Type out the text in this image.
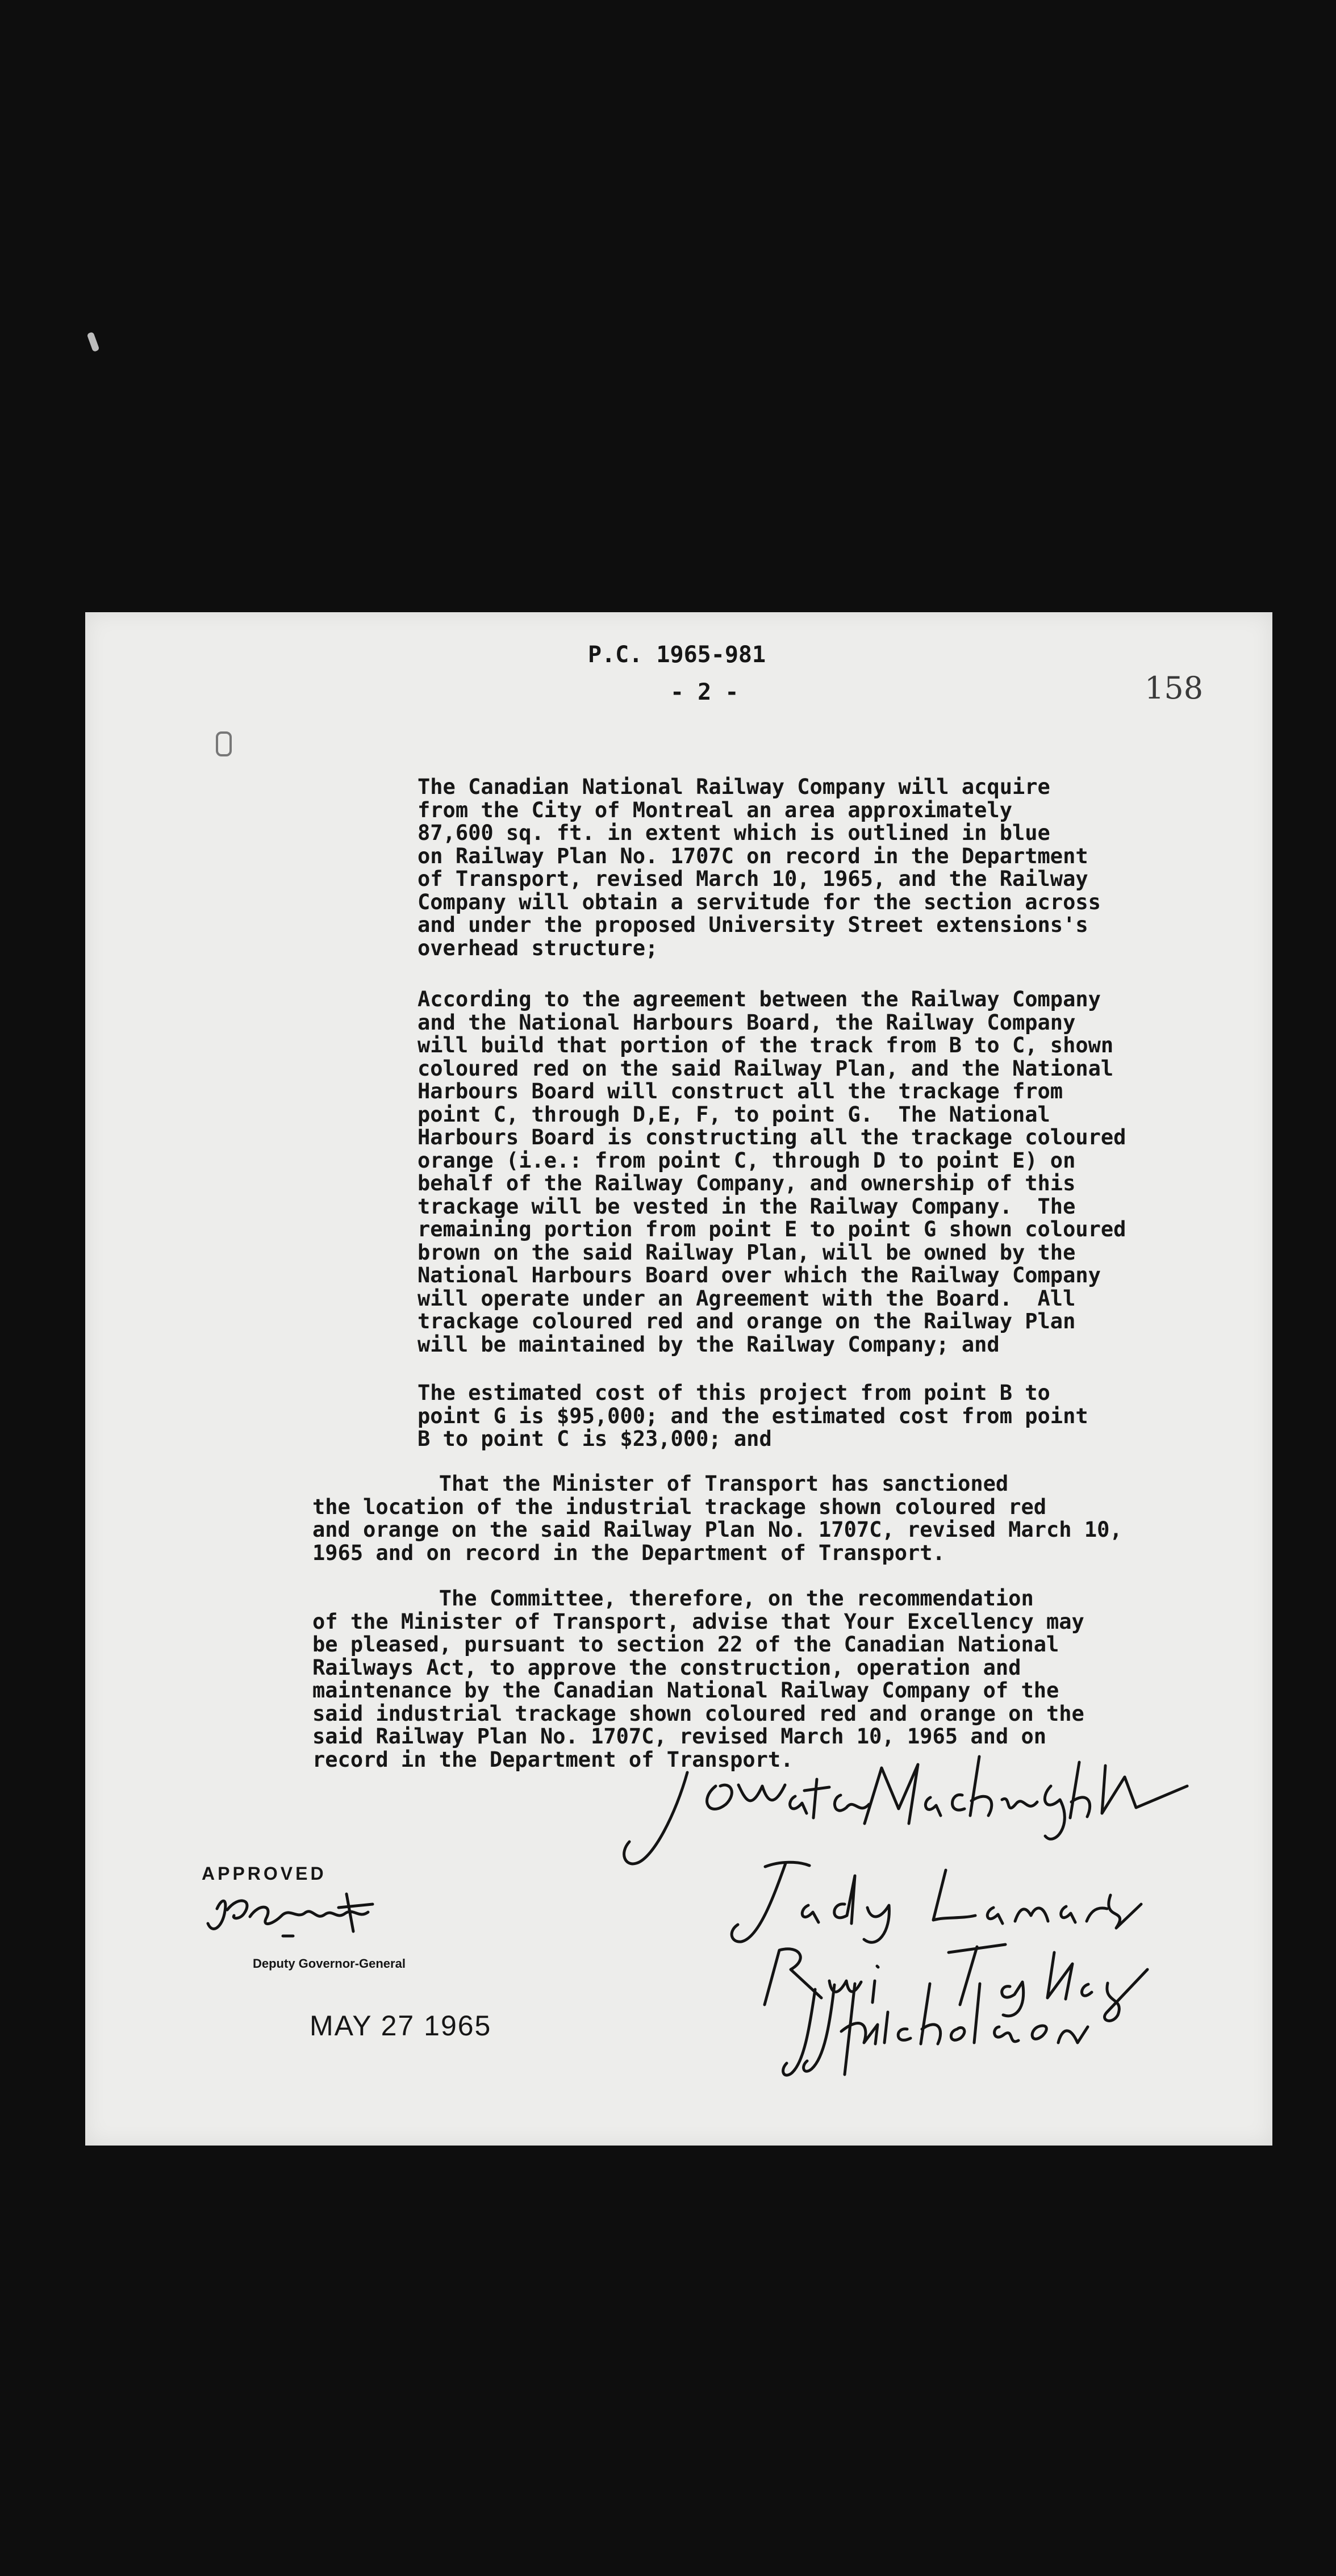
P.C. 1965-981
- 2 -	158
The Canadian National Railway Company will acquire
from the City of Montreal an area approximately
87,600 sq. ft. in extent which is outlined in blue
on Railway Plan No. 1707C on record in the Department
of Transport, revised March 10, 1965, and the Railway
Company will obtain a servitude for the section across
and under the proposed University Street extensions's
overhead structure;
According to the agreement between the Railway Company
and the National Harbours Board, the Railway Company
will build that portion of the track from B to C, shown
coloured red on the said Railway Plan, and the National
Harbours Board will construct all the trackage from
point C, through D,E, F, to point G.  The National
Harbours Board is constructing all the trackage coloured
orange (i.e.: from point C, through D to point E) on
behalf of the Railway Company, and ownership of this
trackage will be vested in the Railway Company.  The
remaining portion from point E to point G shown coloured
brown on the said Railway Plan, will be owned by the
National Harbours Board over which the Railway Company
will operate under an Agreement with the Board.  All
trackage coloured red and orange on the Railway Plan
will be maintained by the Railway Company; and
The estimated cost of this project from point B to
point G is $95,000; and the estimated cost from point
B to point C is $23,000; and
That the Minister of Transport has sanctioned
the location of the industrial trackage shown coloured red
and orange on the said Railway Plan No. 1707C, revised March 10,
1965 and on record in the Department of Transport.
The Committee, therefore, on the recommendation
of the Minister of Transport, advise that Your Excellency may
be pleased, pursuant to section 22 of the Canadian National
Railways Act, to approve the construction, operation and
maintenance by the Canadian National Railway Company of the
said industrial trackage shown coloured red and orange on the
said Railway Plan No. 1707C, revised March 10, 1965 and on
record in the Department of Transport.
APPROVED
Deputy Governor-General
MAY 27 1965
